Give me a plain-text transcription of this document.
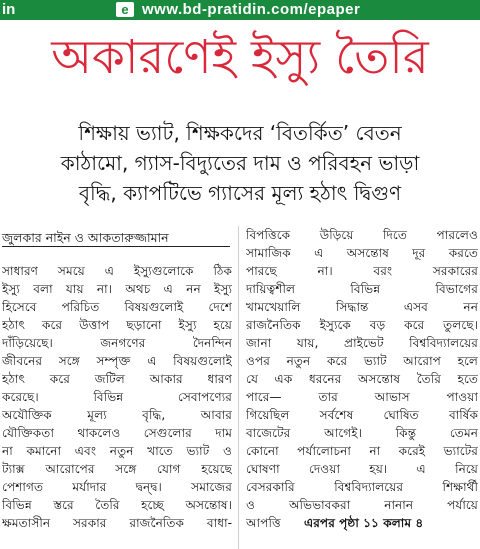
in	e www.bd-pratidin.com/epaper
অকারণেই ইস্যু তৈরি
শিক্ষায় ভ্যাট, শিক্ষকদের ‘বিতর্কিত’ বেতন
কাঠামো, গ্যাস-বিদ্যুতের দাম ও পরিবহন ভাড়া
বৃদ্ধি, ক্যাপটিভে গ্যাসের মূল্য হঠাৎ দ্বিগুণ
জুলকার নাইন ও আকতারুজ্জামান
সাধারণ সময়ে এ ইস্যুগুলোকে ঠিক
ইস্যু বলা যায় না। অথচ এ নন ইস্যু
হিসেবে পরিচিত বিষয়গুলোই দেশে
হঠাৎ করে উত্তাপ ছড়ানো ইস্যু হয়ে
দাঁড়িয়েছে। জনগণের দৈনন্দিন
জীবনের সঙ্গে সম্পৃক্ত এ বিষয়গুলোই
হঠাৎ করে জটিল আকার ধারণ
করেছে। বিভিন্ন সেবাপণ্যের
অযৌক্তিক মূল্য বৃদ্ধি, আবার
যৌক্তিকতা থাকলেও সেগুলোর দাম
না কমানো এবং নতুন খাতে ভ্যাট ও
ট্যাক্স আরোপের সঙ্গে যোগ হয়েছে
পেশাগত মর্যাদার দ্বন্দ্ব। সমাজের
বিভিন্ন স্তরে তৈরি হচ্ছে অসন্তোষ।
ক্ষমতাসীন সরকার রাজনৈতিক বাধা-
বিপত্তিকে উড়িয়ে দিতে পারলেও
সামাজিক এ অসন্তোষ দূর করতে
পারছে না। বরং সরকারের
দায়িত্বশীল বিভিন্ন বিভাগের
খামখেয়ালি সিদ্ধান্ত এসব নন
রাজনৈতিক ইস্যুকে বড় করে তুলছে।
জানা যায়, প্রাইভেট বিশ্ববিদ্যালয়ের
ওপর নতুন করে ভ্যাট আরোপ হলে
যে এক ধরনের অসন্তোষ তৈরি হতে
পারে— তার আভাস পাওয়া
গিয়েছিল সর্বশেষ ঘোষিত বার্ষিক
বাজেটের আগেই। কিন্তু তেমন
কোনো পর্যালোচনা না করেই ভ্যাটের
ঘোষণা দেওয়া হয়। এ নিয়ে
বেসরকারি বিশ্ববিদ্যালয়ের শিক্ষার্থী
ও অভিভাবকরা নানান পর্যায়ে
আপত্তি এরপর পৃষ্ঠা ১১ কলাম ৪
